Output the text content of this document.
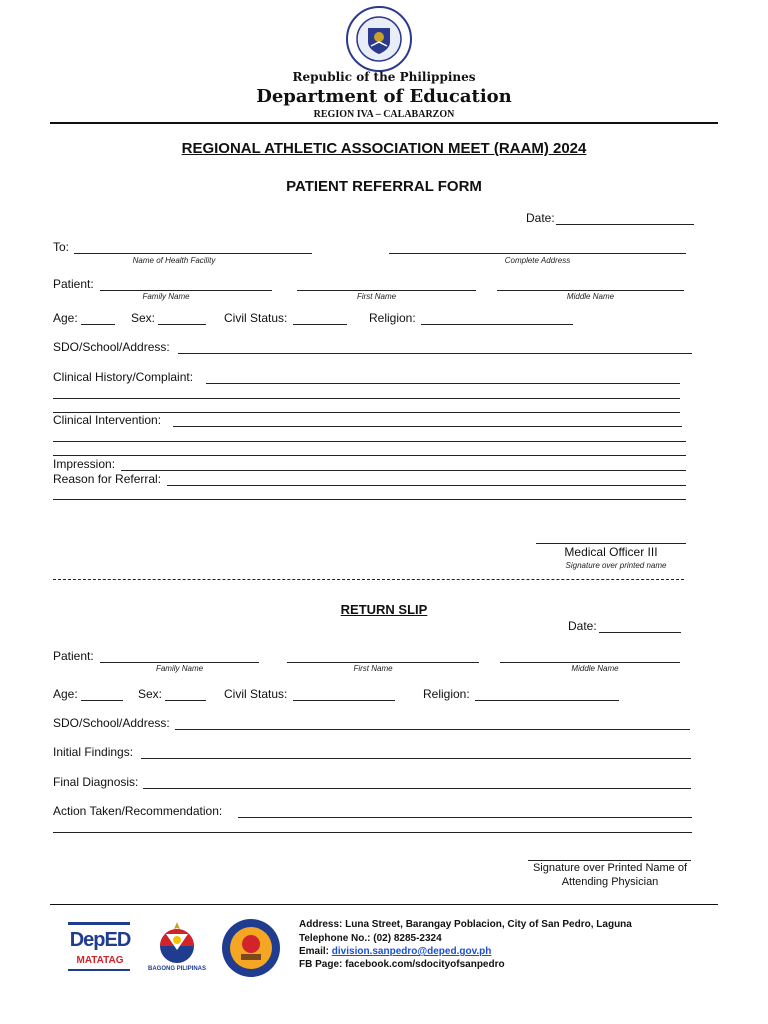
Republic of the Philippines
Department of Education
REGION IVA – CALABARZON
REGIONAL ATHLETIC ASSOCIATION MEET (RAAM) 2024
PATIENT REFERRAL FORM
Date:
To:
Name of Health Facility	Complete Address
Patient:
Family Name	First Name	Middle Name
Age:	Sex:	Civil Status:	Religion:
SDO/School/Address:
Clinical History/Complaint:
Clinical Intervention:
Impression:
Reason for Referral:
Medical Officer III
Signature over printed name
RETURN SLIP
Date:
Patient:
Family Name	First Name	Middle Name
Age:	Sex:	Civil Status:	Religion:
SDO/School/Address:
Initial Findings:
Final Diagnosis:
Action Taken/Recommendation:
Signature over Printed Name of
Attending Physician
DepED
MATATAG
BAGONG PILIPINAS
Address: Luna Street, Barangay Poblacion, City of San Pedro, Laguna
Telephone No.: (02) 8285-2324
Email: division.sanpedro@deped.gov.ph
FB Page: facebook.com/sdocityofsanpedro
